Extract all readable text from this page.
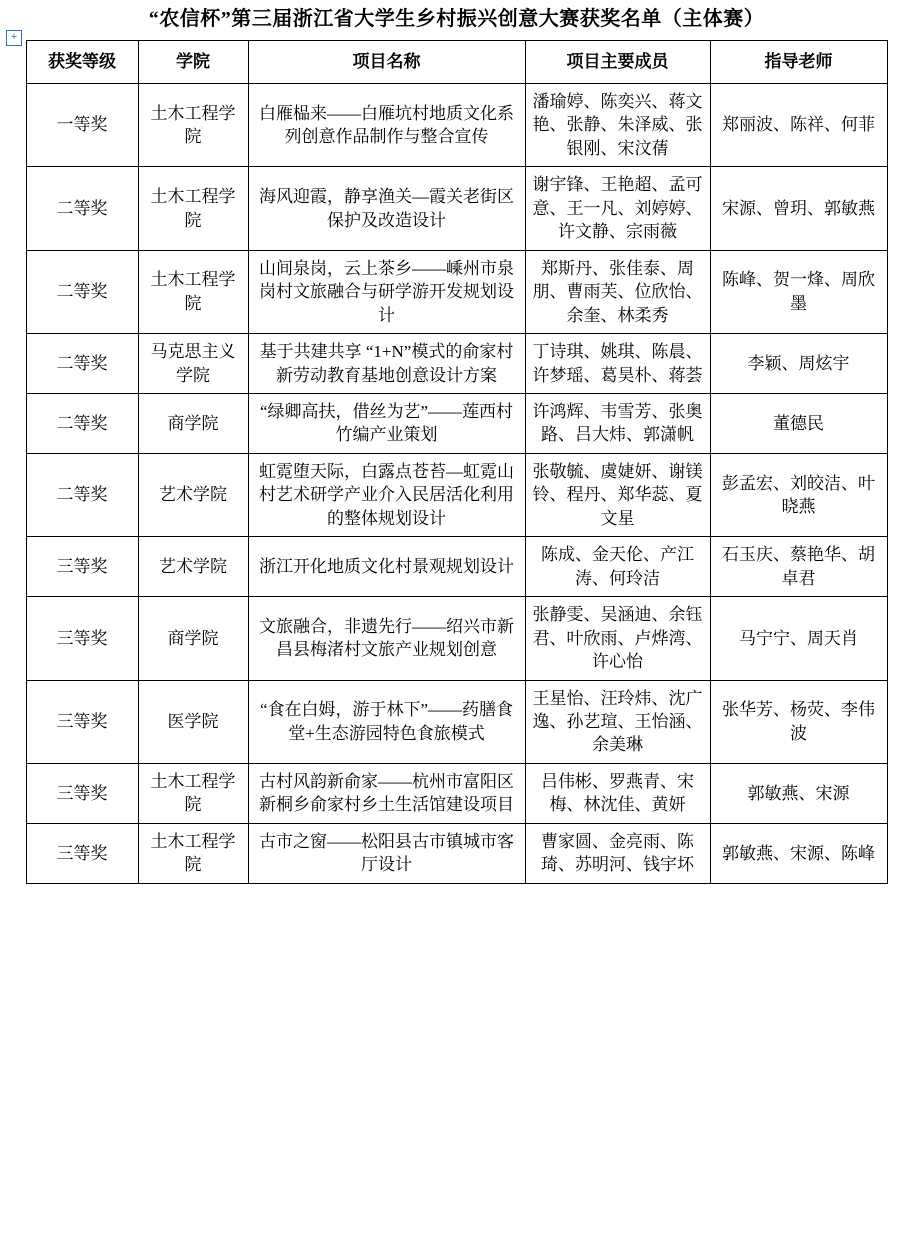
+
“农信杯”第三届浙江省大学生乡村振兴创意大赛获奖名单（主体赛）
获奖等级	学院	项目名称	项目主要成员	指导老师
一等奖	土木工程学院	白雁榀来——白雁坑村地质文化系列创意作品制作与整合宣传	潘瑜婷、陈奕兴、蒋文艳、张静、朱泽威、张银刚、宋汶蒨	郑丽波、陈祥、何菲
二等奖	土木工程学院	海风迎霞，静享渔关—霞关老街区保护及改造设计	谢宇锋、王艳超、孟可意、王一凡、刘婷婷、许文静、宗雨薇	宋源、曾玥、郭敏燕
二等奖	土木工程学院	山间泉岗，云上茶乡——嵊州市泉岗村文旅融合与研学游开发规划设计	郑斯丹、张佳泰、周朋、曹雨芙、位欣怡、余奎、林柔秀	陈峰、贺一烽、周欣墨
二等奖	马克思主义学院	基于共建共享 “1+N”模式的俞家村新劳动教育基地创意设计方案	丁诗琪、姚琪、陈晨、许梦瑶、葛昊朴、蒋荟	李颖、周炫宇
二等奖	商学院	“绿卿高扶，借丝为艺”——莲西村竹编产业策划	许鸿辉、韦雪芳、张奥路、吕大炜、郭潇帆	董德民
二等奖	艺术学院	虹霓堕天际，白露点苍苔—虹霓山村艺术研学产业介入民居活化利用的整体规划设计	张敬毓、虞婕妍、谢镁铃、程丹、郑华蕊、夏文星	彭孟宏、刘皎洁、叶晓燕
三等奖	艺术学院	浙江开化地质文化村景观规划设计	陈成、金天伦、产江涛、何玲洁	石玉庆、蔡艳华、胡卓君
三等奖	商学院	文旅融合，非遗先行——绍兴市新昌县梅渚村文旅产业规划创意	张静雯、吴涵迪、余钰君、叶欣雨、卢烨湾、许心怡	马宁宁、周天肖
三等奖	医学院	“食在白姆，游于林下”——药膳食堂+生态游园特色食旅模式	王星怡、汪玲炜、沈广逸、孙艺瑄、王怡涵、余美琳	张华芳、杨荧、李伟波
三等奖	土木工程学院	古村风韵新俞家——杭州市富阳区新桐乡俞家村乡土生活馆建设项目	吕伟彬、罗燕青、宋梅、林沈佳、黄妍	郭敏燕、宋源
三等奖	土木工程学院	古市之窗——松阳县古市镇城市客厅设计	曹家圆、金亮雨、陈琦、苏明河、钱宇坏	郭敏燕、宋源、陈峰
